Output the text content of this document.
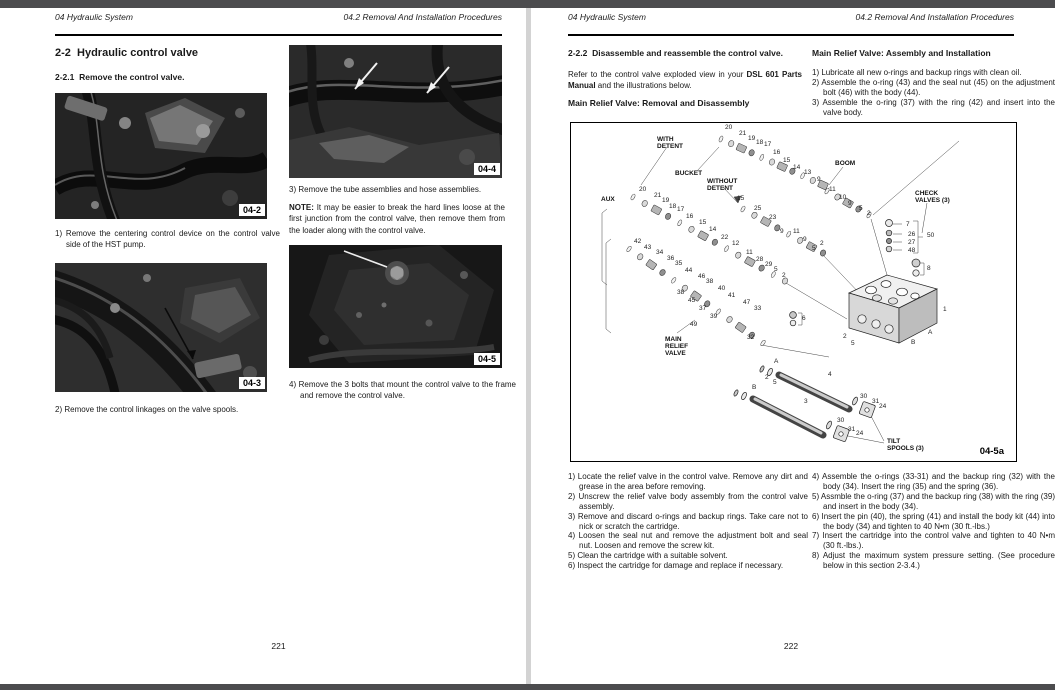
04 Hydraulic System	04.2 Removal And Installation Procedures
2-2  Hydraulic control valve
2-2.1  Remove the control valve.
04-2
1) Remove the centering control device on the control valve side of the HST pump.
04-3
2) Remove the control linkages on the valve spools.
04-4
3) Remove the tube assemblies and hose assemblies.
NOTE: It may be easier to break the hard lines loose at the first junction from the control valve, then remove them from the loader along with the control valve.
04-5
4) Remove the 3 bolts that mount the control valve to the frame and remove the control valve.
221
04 Hydraulic System	04.2 Removal And Installation Procedures
2-2.2  Disassemble and reassemble the control valve.
Refer to the control valve exploded view in your DSL 601 Parts Manual and the illustrations below.
Main Relief Valve: Removal and Disassembly
Main Relief Valve: Assembly and Installation
1) Lubricate all new o-rings and backup rings with clean oil.
2) Assemble the o-ring (43) and the seal nut (45) on the adjustment bolt (46) with the body (44).
3) Assemble the o-ring (37) with the ring (42) and insert into the valve body.
04-5a
AUX
WITH
DETENT
BUCKET
WITHOUT
DETENT
BOOM
CHECK
VALVES (3)
MAIN
RELIEF
VALVE
TILT
SPOOLS (3)
20
21
19
18 17
16
15
14
13
9
11
10
9
5
2
20
21
19
18 17
16
15
14
22
12
11
28
29
5
2
15
25
23
9 11
9
5
2
42
43
34
36
35
44
46
38
38
45
37
39
40
41
47
33
32
49
7
26
27
48
50
8
1
A
B
6
2
5
A
2
5
B
4
3
30
31
24
30
31
24
1) Locate the relief valve in the control valve. Remove any dirt and grease in the area before removing.
2) Unscrew the relief valve body assembly from the control valve assembly.
3) Remove and discard o-rings and backup rings. Take care not to nick or scratch the cartridge.
4) Loosen the seal nut and remove the adjustment bolt and seal nut. Loosen and remove the screw kit.
5) Clean the cartridge with a suitable solvent.
6) Inspect the cartridge for damage and replace if necessary.
4) Assemble the o-rings (33-31) and the backup ring (32) with the body (34). Insert the ring (35) and the spring (36).
5) Assmble the o-ring (37) and the backup ring (38) with the ring (39) and insert in the body (34).
6) Insert the pin (40), the spring (41) and install the body kit (44) into the body (34) and tighten to 40 N•m (30 ft.-lbs.)
7) Insert the cartridge into the control valve and tighten to 40 N•m (30 ft.-lbs.).
8) Adjust the maximum system pressure setting. (See procedure below in this section 2-3.4.)
222
